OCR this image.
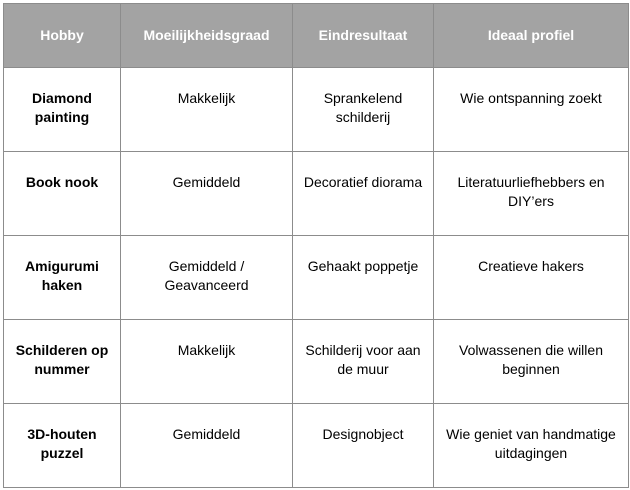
Hobby	Moeilijkheidsgraad	Eindresultaat	Ideaal profiel
Diamond painting	Makkelijk	Sprankelend schilderij	Wie ontspanning zoekt
Book nook	Gemiddeld	Decoratief diorama	Literatuurliefhebbers en DIY’ers
Amigurumi haken	Gemiddeld / Geavanceerd	Gehaakt poppetje	Creatieve hakers
Schilderen op nummer	Makkelijk	Schilderij voor aan de muur	Volwassenen die willen beginnen
3D-houten puzzel	Gemiddeld	Designobject	Wie geniet van handmatige uitdagingen
